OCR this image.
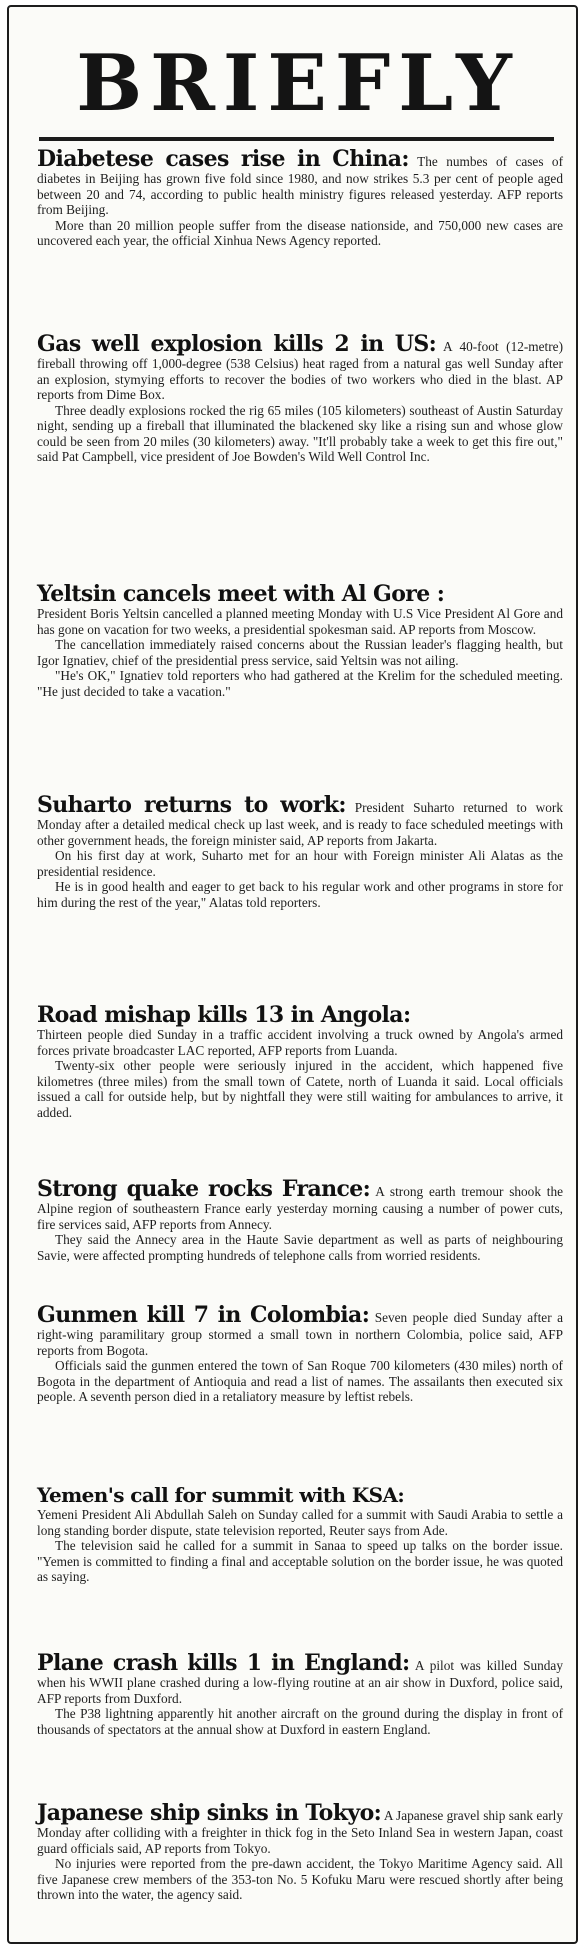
BRIEFLY
Diabetese cases rise in China: The numbes of cases of diabetes in Beijing has grown five fold since 1980, and now strikes 5.3 per cent of people aged between 20 and 74, according to public health ministry figures released yesterday. AFP reports from Beijing.
More than 20 million people suffer from the disease nationside, and 750,000 new cases are uncovered each year, the official Xinhua News Agency reported.
Gas well explosion kills 2 in US: A 40-foot (12-metre) fireball throwing off 1,000-degree (538 Celsius) heat raged from a natural gas well Sunday after an explosion, stymying efforts to recover the bodies of two workers who died in the blast. AP reports from Dime Box.
Three deadly explosions rocked the rig 65 miles (105 kilometers) southeast of Austin Saturday night, sending up a fireball that illuminated the blackened sky like a rising sun and whose glow could be seen from 20 miles (30 kilometers) away. "It'll probably take a week to get this fire out," said Pat Campbell, vice president of Joe Bowden's Wild Well Control Inc.
Yeltsin cancels meet with Al Gore :
President Boris Yeltsin cancelled a planned meeting Monday with U.S Vice President Al Gore and has gone on vacation for two weeks, a presidential spokesman said. AP reports from Moscow.
The cancellation immediately raised concerns about the Russian leader's flagging health, but Igor Ignatiev, chief of the presidential press service, said Yeltsin was not ailing.
"He's OK," Ignatiev told reporters who had gathered at the Krelim for the scheduled meeting. "He just decided to take a vacation."
Suharto returns to work: President Suharto returned to work Monday after a detailed medical check up last week, and is ready to face scheduled meetings with other government heads, the foreign minister said, AP reports from Jakarta.
On his first day at work, Suharto met for an hour with Foreign minister Ali Alatas as the presidential residence.
He is in good health and eager to get back to his regular work and other programs in store for him during the rest of the year," Alatas told reporters.
Road mishap kills 13 in Angola:
Thirteen people died Sunday in a traffic accident involving a truck owned by Angola's armed forces private broadcaster LAC reported, AFP reports from Luanda.
Twenty-six other people were seriously injured in the accident, which happened five kilometres (three miles) from the small town of Catete, north of Luanda it said. Local officials issued a call for outside help, but by nightfall they were still waiting for ambulances to arrive, it added.
Strong quake rocks France: A strong earth tremour shook the Alpine region of southeastern France early yesterday morning causing a number of power cuts, fire services said, AFP reports from Annecy.
They said the Annecy area in the Haute Savie department as well as parts of neighbouring Savie, were affected prompting hundreds of telephone calls from worried residents.
Gunmen kill 7 in Colombia: Seven people died Sunday after a right-wing paramilitary group stormed a small town in northern Colombia, police said, AFP reports from Bogota.
Officials said the gunmen entered the town of San Roque 700 kilometers (430 miles) north of Bogota in the department of Antioquia and read a list of names. The assailants then executed six people. A seventh person died in a retaliatory measure by leftist rebels.
Yemen's call for summit with KSA:
Yemeni President Ali Abdullah Saleh on Sunday called for a summit with Saudi Arabia to settle a long standing border dispute, state television reported, Reuter says from Ade.
The television said he called for a summit in Sanaa to speed up talks on the border issue. "Yemen is committed to finding a final and acceptable solution on the border issue, he was quoted as saying.
Plane crash kills 1 in England: A pilot was killed Sunday when his WWII plane crashed during a low-flying routine at an air show in Duxford, police said, AFP reports from Duxford.
The P38 lightning apparently hit another aircraft on the ground during the display in front of thousands of spectators at the annual show at Duxford in eastern England.
Japanese ship sinks in Tokyo: A Japanese gravel ship sank early Monday after colliding with a freighter in thick fog in the Seto Inland Sea in western Japan, coast guard officials said, AP reports from Tokyo.
No injuries were reported from the pre-dawn accident, the Tokyo Maritime Agency said. All five Japanese crew members of the 353-ton No. 5 Kofuku Maru were rescued shortly after being thrown into the water, the agency said.
